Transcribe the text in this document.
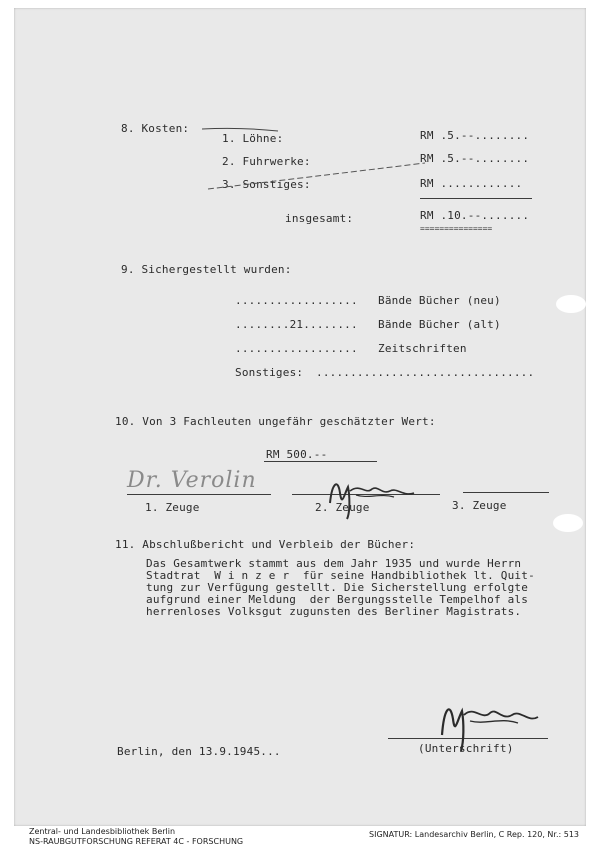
8. Kosten:
1. Löhne:	RM .5.--........
2. Fuhrwerke:	RM .5.--........
3. Sonstiges:	RM ............
insgesamt:	RM .10.--.......
===============
9. Sichergestellt wurden:
.................. Bände Bücher (neu)
........21........ Bände Bücher (alt)
.................. Zeitschriften
Sonstiges: ................................
10. Von 3 Fachleuten ungefähr geschätzter Wert:
RM 500.--
Dr. Verolin
1. Zeuge	2. Zeuge	3. Zeuge
11. Abschlußbericht und Verbleib der Bücher:
Das Gesamtwerk stammt aus dem Jahr 1935 und wurde Herrn
Stadtrat  W i n z e r  für seine Handbibliothek lt. Quit-
tung zur Verfügung gestellt. Die Sicherstellung erfolgte
aufgrund einer Meldung  der Bergungsstelle Tempelhof als
herrenloses Volksgut zugunsten des Berliner Magistrats.
Berlin, den 13.9.1945...	(Unterschrift)
Zentral- und Landesbibliothek Berlin
NS-RAUBGUTFORSCHUNG REFERAT 4C - FORSCHUNG
SIGNATUR: Landesarchiv Berlin, C Rep. 120, Nr.: 513
